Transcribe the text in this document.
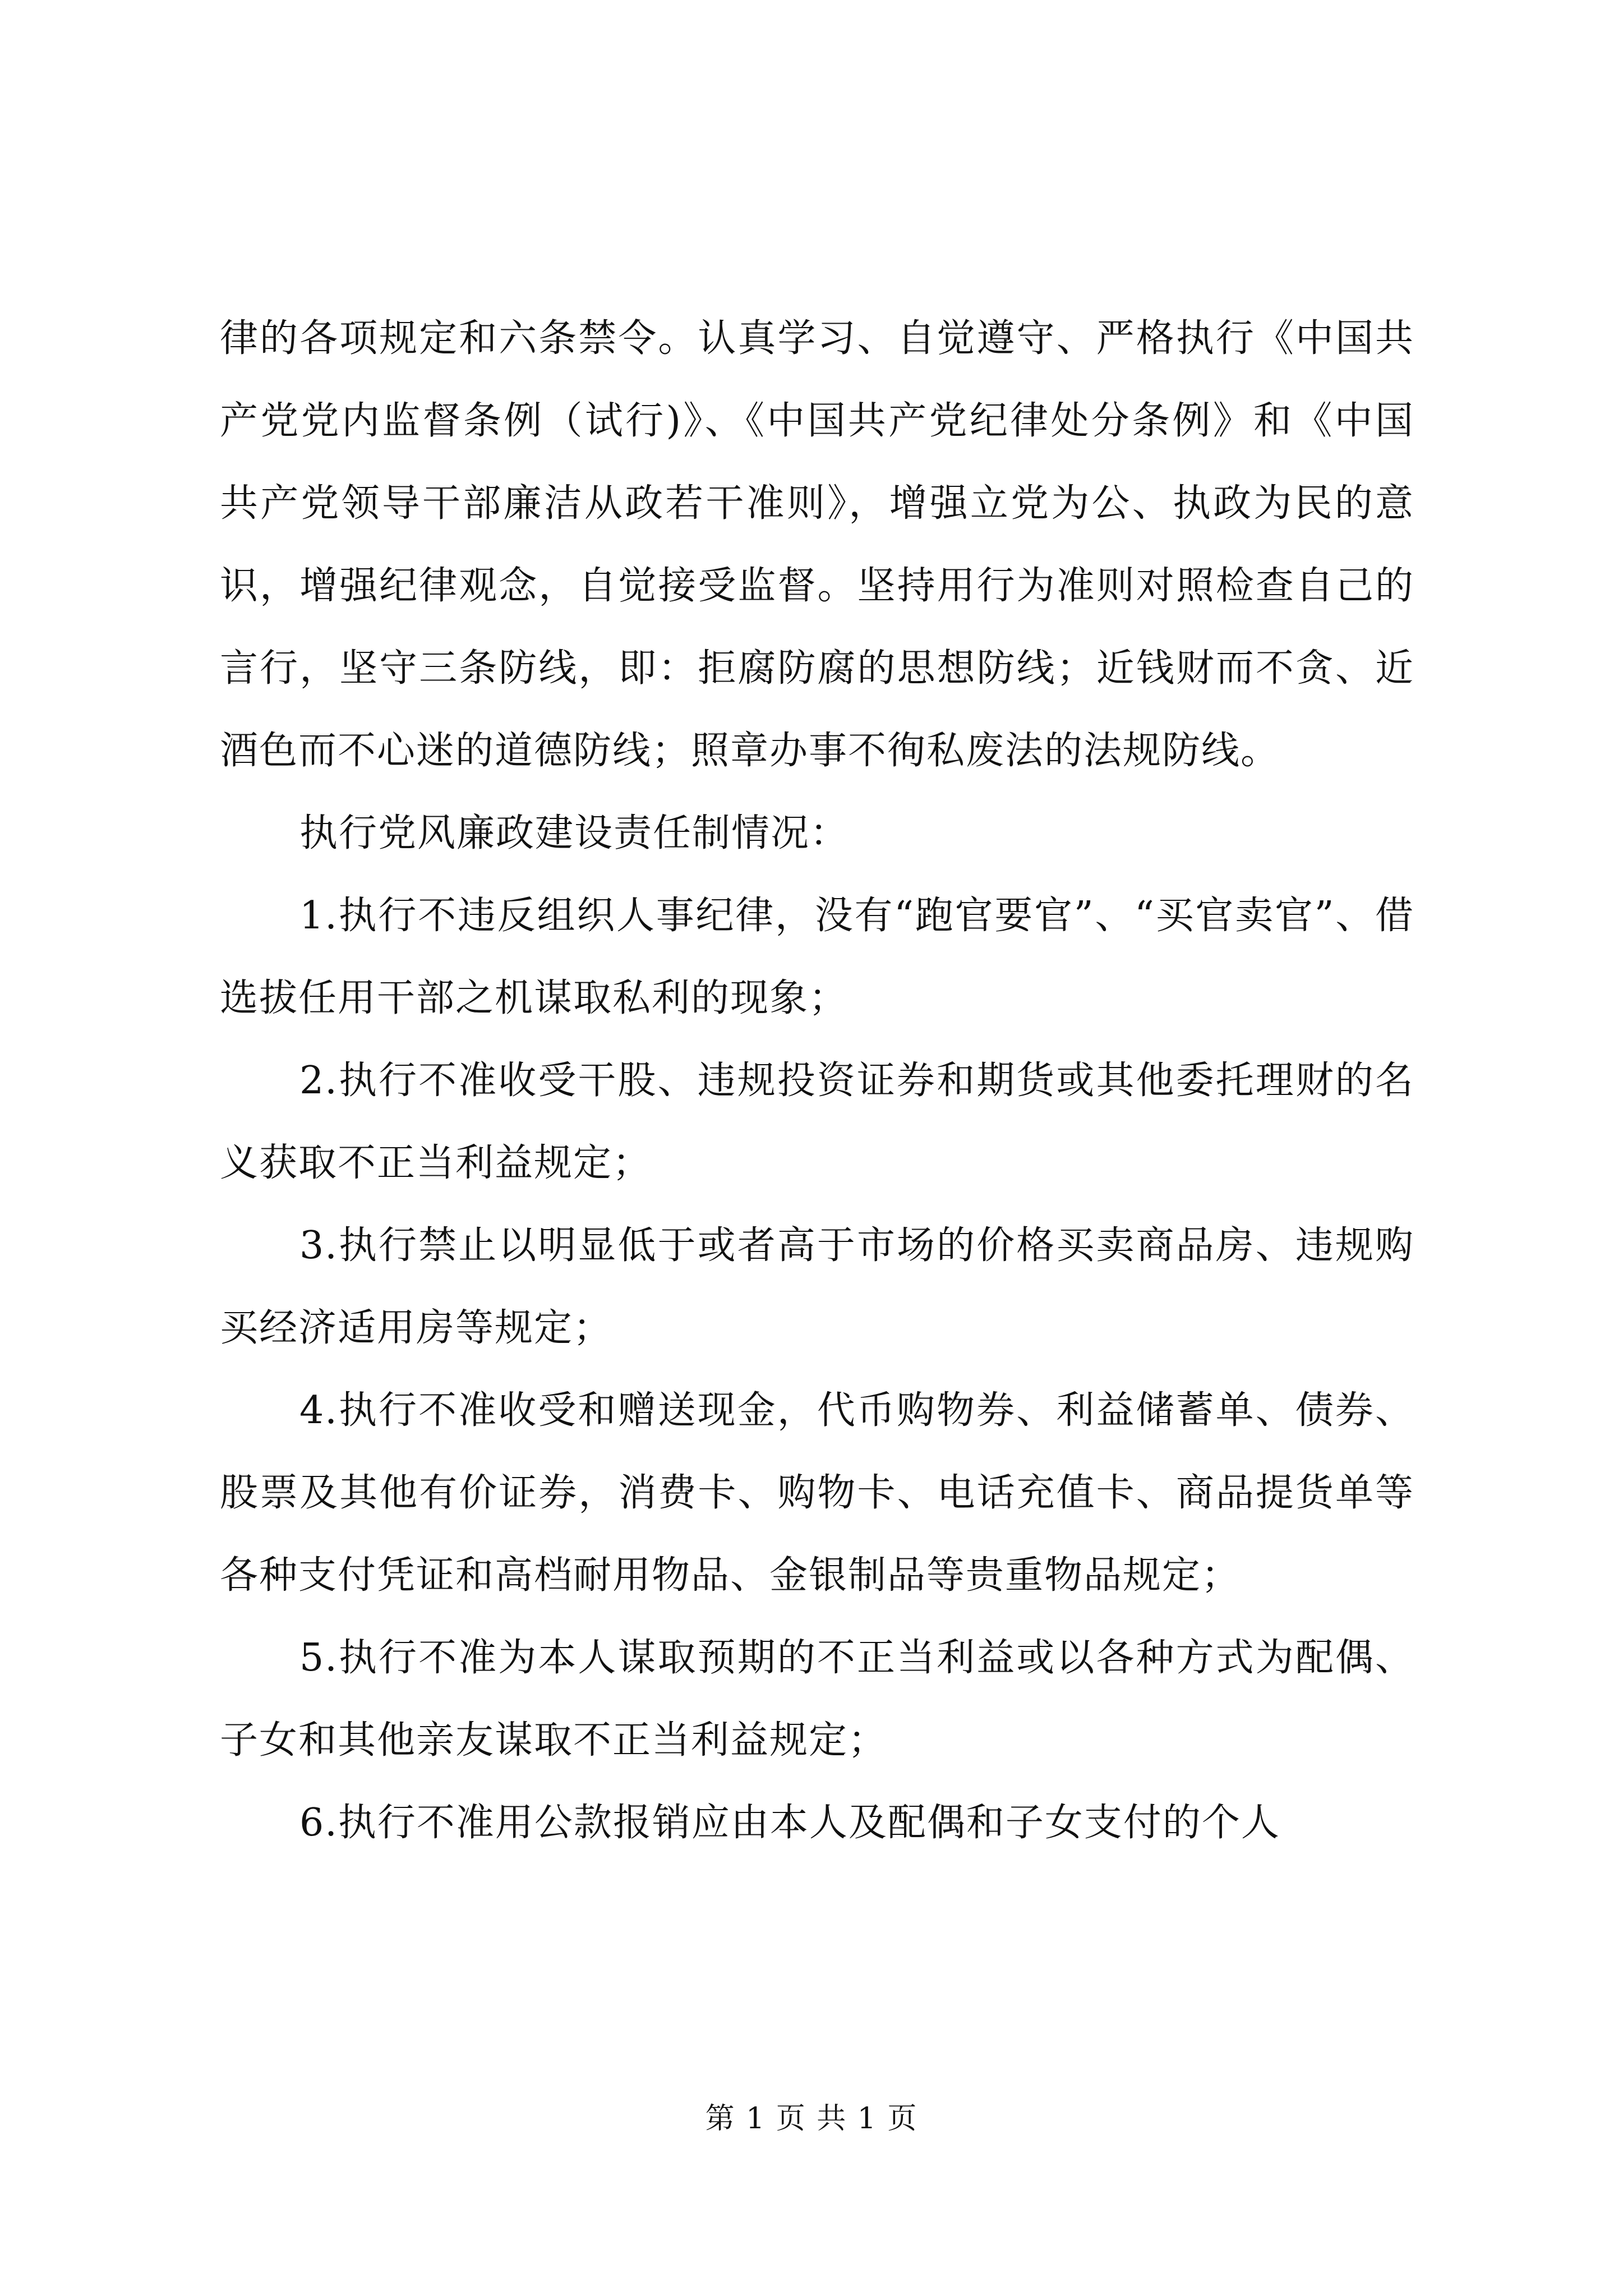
律的各项规定和六条禁令。认真学习、自觉遵守、严格执行《中国共产党党内监督条例（试行)》、《中国共产党纪律处分条例》和《中国共产党领导干部廉洁从政若干准则》，增强立党为公、执政为民的意识，增强纪律观念，自觉接受监督。坚持用行为准则对照检查自己的言行，坚守三条防线，即：拒腐防腐的思想防线；近钱财而不贪、近酒色而不心迷的道德防线；照章办事不徇私废法的法规防线。

执行党风廉政建设责任制情况：

1.执行不违反组织人事纪律，没有“跑官要官”、“买官卖官”、借选拔任用干部之机谋取私利的现象；

2.执行不准收受干股、违规投资证券和期货或其他委托理财的名义获取不正当利益规定；

3.执行禁止以明显低于或者高于市场的价格买卖商品房、违规购买经济适用房等规定；

4.执行不准收受和赠送现金，代币购物券、利益储蓄单、债券、股票及其他有价证券，消费卡、购物卡、电话充值卡、商品提货单等各种支付凭证和高档耐用物品、金银制品等贵重物品规定；

5.执行不准为本人谋取预期的不正当利益或以各种方式为配偶、子女和其他亲友谋取不正当利益规定；

6.执行不准用公款报销应由本人及配偶和子女支付的个人

第 1 页 共 1 页
